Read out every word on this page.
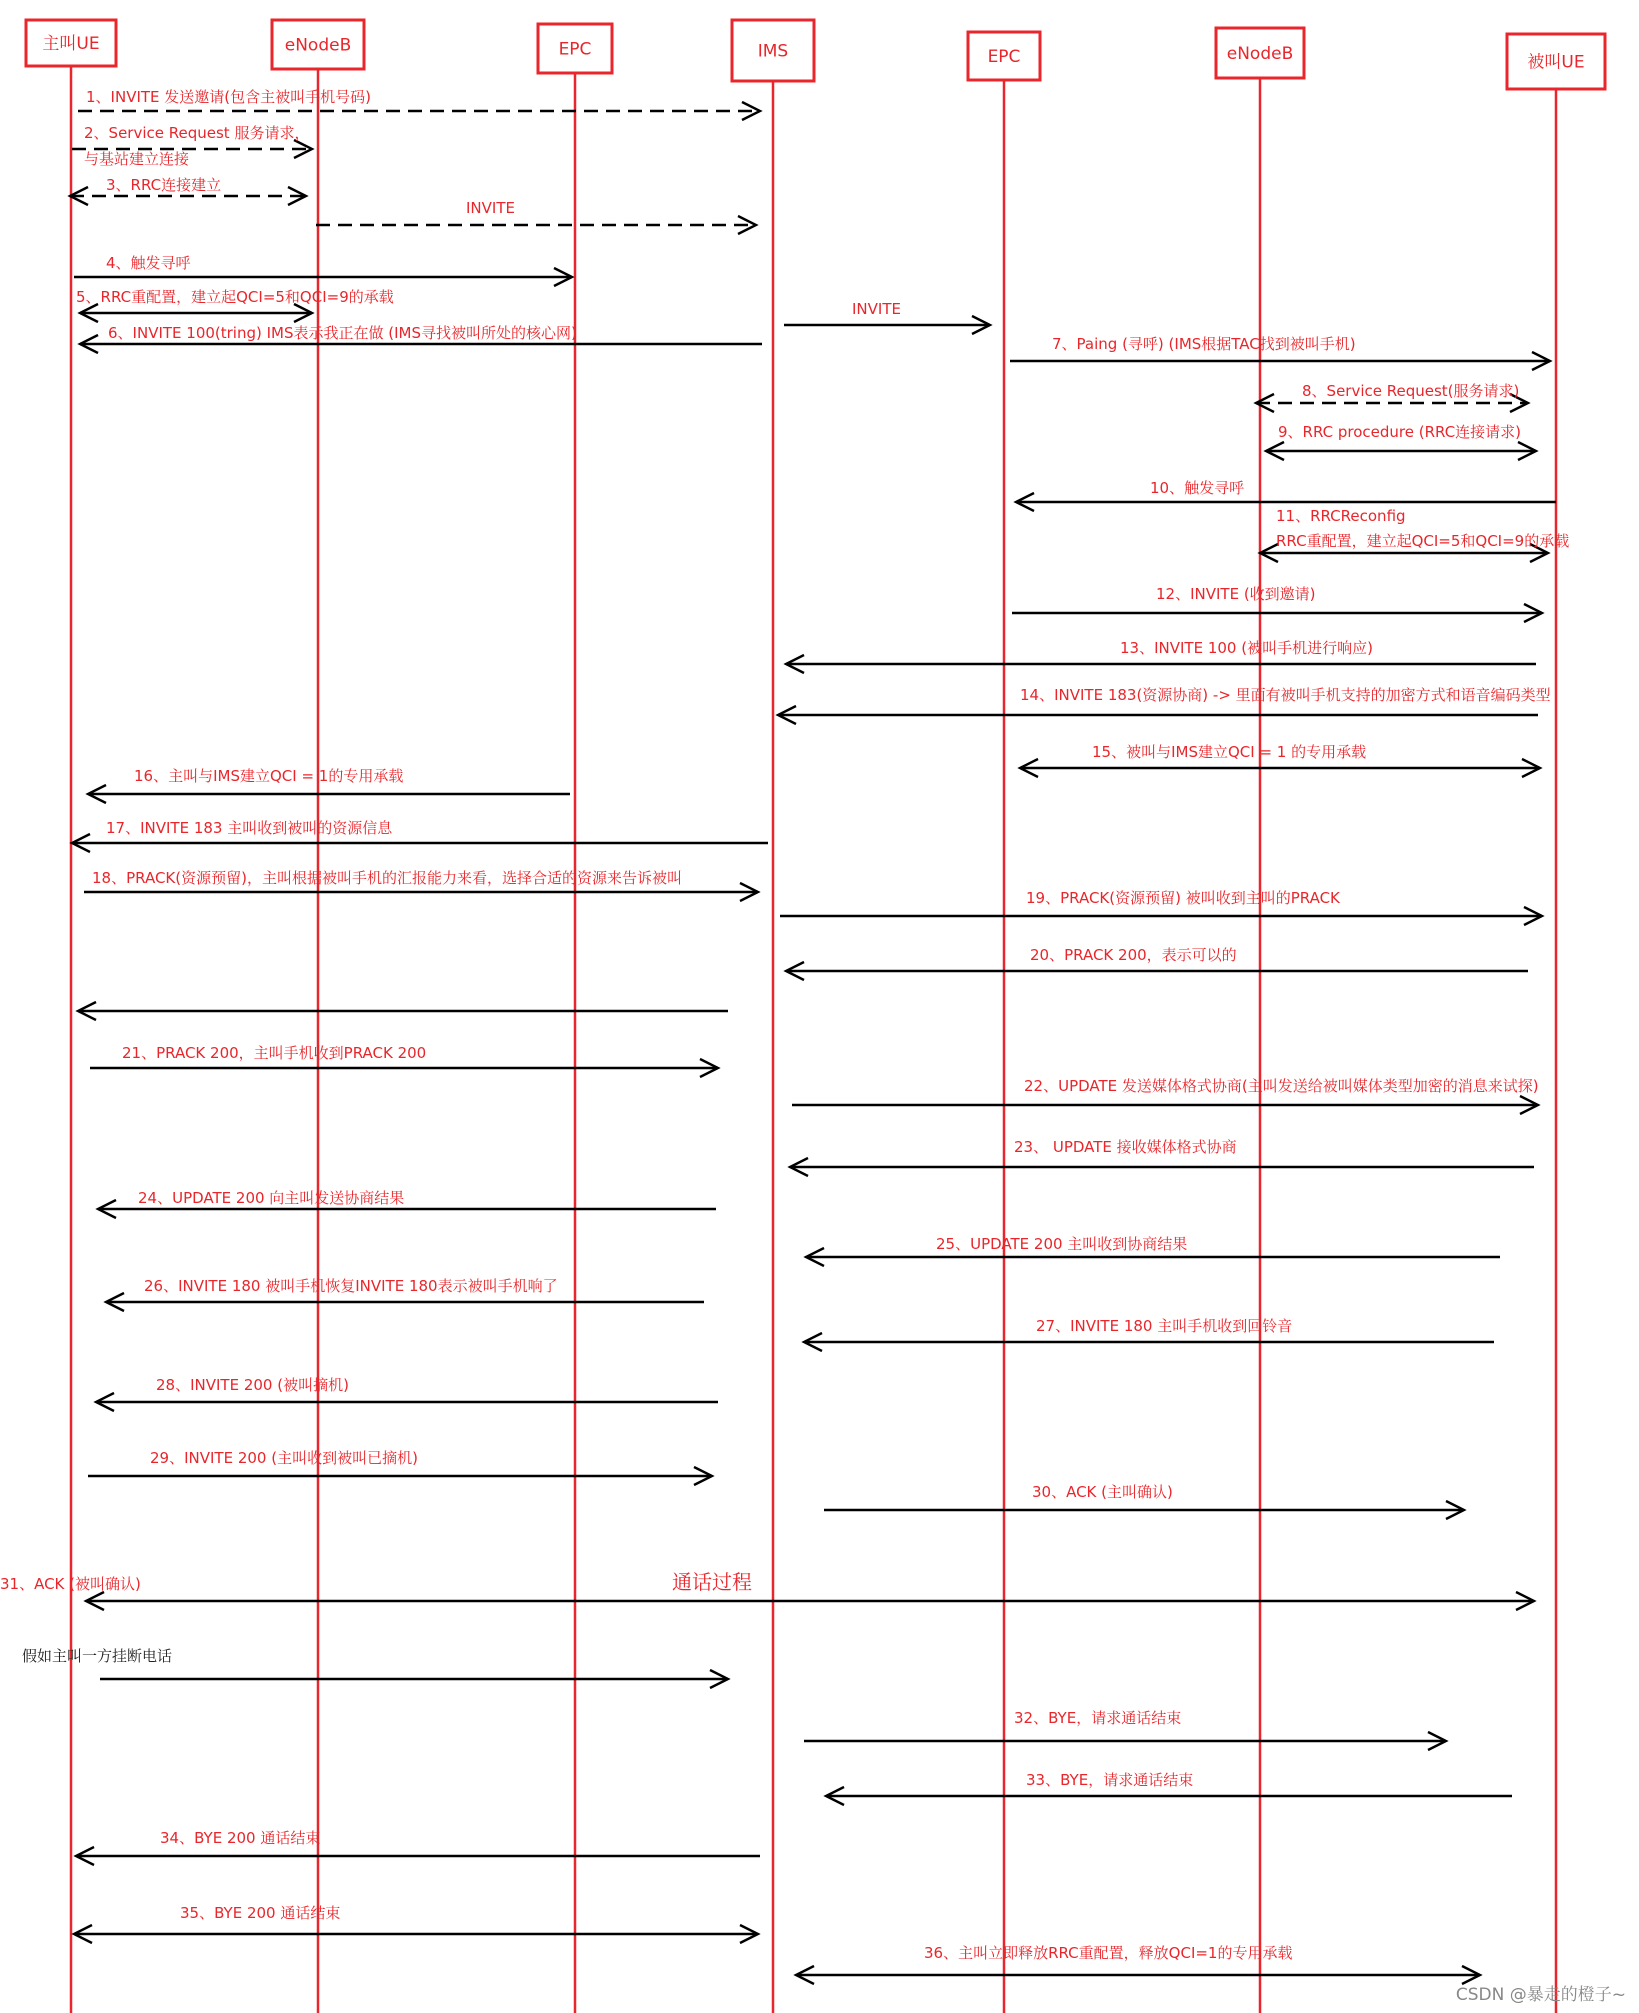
主叫UE	eNodeB	EPC	IMS	EPC	eNodeB	被叫UE
1、INVITE 发送邀请(包含主被叫手机号码)
2、Service Request 服务请求，
与基站建立连接
3、RRC连接建立
INVITE
4、触发寻呼
5、RRC重配置，建立起QCI=5和QCI=9的承载
6、INVITE 100(tring) IMS表示我正在做 (IMS寻找被叫所处的核心网)
INVITE
7、Paing (寻呼) (IMS根据TAC找到被叫手机)
8、Service Request(服务请求)
9、RRC procedure (RRC连接请求)
10、触发寻呼
11、RRCReconfig
RRC重配置，建立起QCI=5和QCI=9的承载
12、INVITE (收到邀请)
13、INVITE 100 (被叫手机进行响应)
14、INVITE 183(资源协商) -> 里面有被叫手机支持的加密方式和语音编码类型
15、被叫与IMS建立QCI = 1 的专用承载
16、主叫与IMS建立QCI = 1的专用承载
17、INVITE 183 主叫收到被叫的资源信息
18、PRACK(资源预留)，主叫根据被叫手机的汇报能力来看，选择合适的资源来告诉被叫
19、PRACK(资源预留) 被叫收到主叫的PRACK
20、PRACK 200，表示可以的
21、PRACK 200，主叫手机收到PRACK 200
22、UPDATE 发送媒体格式协商(主叫发送给被叫媒体类型加密的消息来试探)
23、 UPDATE 接收媒体格式协商
24、UPDATE 200 向主叫发送协商结果
25、UPDATE 200 主叫收到协商结果
26、INVITE 180 被叫手机恢复INVITE 180表示被叫手机响了
27、INVITE 180 主叫手机收到回铃音
28、INVITE 200 (被叫摘机)
29、INVITE 200 (主叫收到被叫已摘机)
30、ACK (主叫确认)
31、ACK (被叫确认)	通话过程
32、BYE，请求通话结束
33、BYE，请求通话结束
34、BYE 200 通话结束
35、BYE 200 通话结束
36、主叫立即释放RRC重配置，释放QCI=1的专用承载
假如主叫一方挂断电话
CSDN @暴走的橙子~
